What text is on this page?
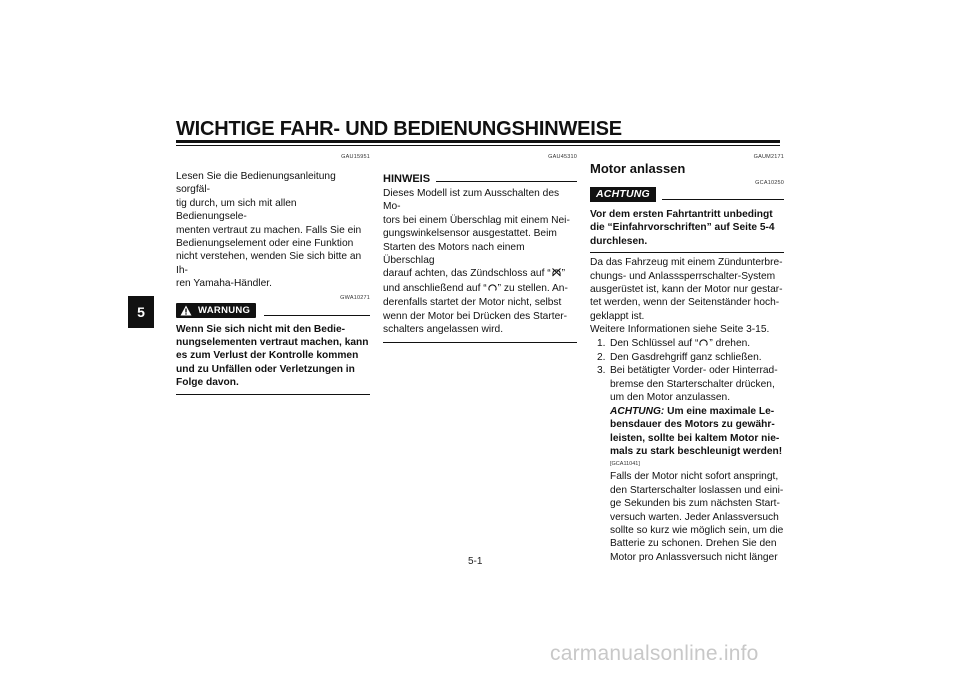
WICHTIGE FAHR- UND BEDIENUNGSHINWEISE
5
GAU15951
Lesen Sie die Bedienungsanleitung sorgfäl-
tig durch, um sich mit allen Bedienungsele-
menten vertraut zu machen. Falls Sie ein
Bedienungselement oder eine Funktion
nicht verstehen, wenden Sie sich bitte an Ih-
ren Yamaha-Händler.
GWA10271
WARNUNG
Wenn Sie sich nicht mit den Bedie-
nungselementen vertraut machen, kann
es zum Verlust der Kontrolle kommen
und zu Unfällen oder Verletzungen in
Folge davon.
GAU45310
HINWEIS
Dieses Modell ist zum Ausschalten des Mo-
tors bei einem Überschlag mit einem Nei-
gungswinkelsensor ausgestattet. Beim
Starten des Motors nach einem Überschlag
darauf achten, das Zündschloss auf “ ”
und anschließend auf “ ” zu stellen. An-
derenfalls startet der Motor nicht, selbst
wenn der Motor bei Drücken des Starter-
schalters angelassen wird.
GAUM2171
Motor anlassen
GCA10250
ACHTUNG
Vor dem ersten Fahrtantritt unbedingt
die “Einfahrvorschriften” auf Seite 5-4
durchlesen.
Da das Fahrzeug mit einem Zündunterbre-
chungs- und Anlasssperrschalter-System
ausgerüstet ist, kann der Motor nur gestar-
tet werden, wenn der Seitenständer hoch-
geklappt ist.
Weitere Informationen siehe Seite 3-15.
1. Den Schlüssel auf “ ” drehen.
2. Den Gasdrehgriff ganz schließen.
3. Bei betätigter Vorder- oder Hinterrad-
bremse den Starterschalter drücken,
um den Motor anzulassen.
ACHTUNG: Um eine maximale Le-
bensdauer des Motors zu gewähr-
leisten, sollte bei kaltem Motor nie-
mals zu stark beschleunigt werden!
[GCA11041]
Falls der Motor nicht sofort anspringt,
den Starterschalter loslassen und eini-
ge Sekunden bis zum nächsten Start-
versuch warten. Jeder Anlassversuch
sollte so kurz wie möglich sein, um die
Batterie zu schonen. Drehen Sie den
Motor pro Anlassversuch nicht länger
5-1
carmanualsonline.info
